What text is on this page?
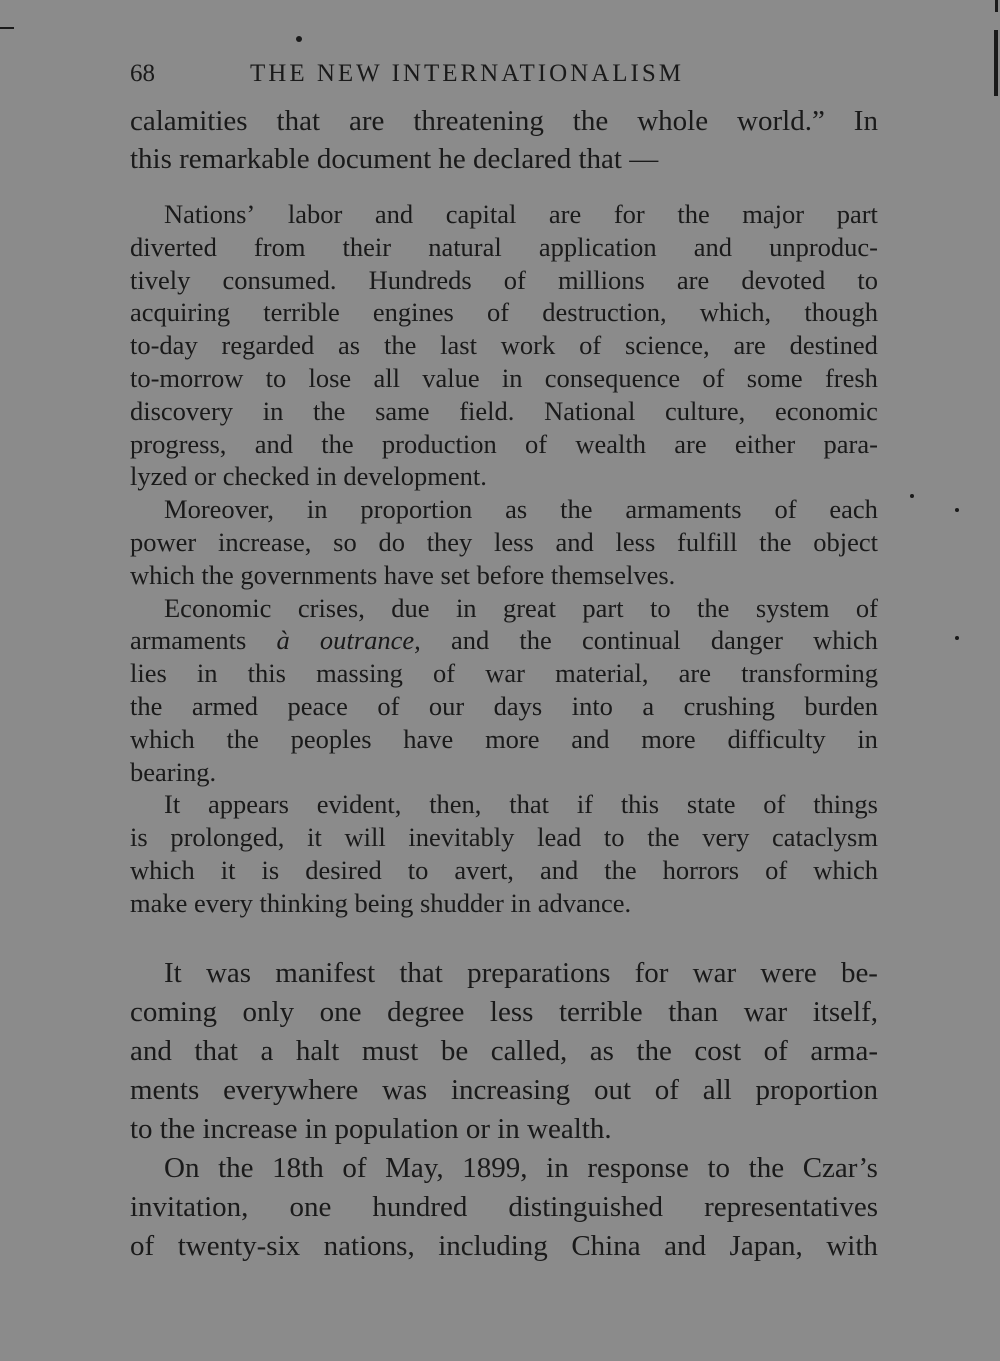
68	THE NEW INTERNATIONALISM
calamities that are threatening the whole world.” In
this remarkable document he declared that —
Nations’ labor and capital are for the major part
diverted from their natural application and unproduc-
tively consumed. Hundreds of millions are devoted to
acquiring terrible engines of destruction, which, though
to-day regarded as the last work of science, are destined
to-morrow to lose all value in consequence of some fresh
discovery in the same field. National culture, economic
progress, and the production of wealth are either para-
lyzed or checked in development.
Moreover, in proportion as the armaments of each
power increase, so do they less and less fulfill the object
which the governments have set before themselves.
Economic crises, due in great part to the system of
armaments à outrance, and the continual danger which
lies in this massing of war material, are transforming
the armed peace of our days into a crushing burden
which the peoples have more and more difficulty in
bearing.
It appears evident, then, that if this state of things
is prolonged, it will inevitably lead to the very cataclysm
which it is desired to avert, and the horrors of which
make every thinking being shudder in advance.
It was manifest that preparations for war were be-
coming only one degree less terrible than war itself,
and that a halt must be called, as the cost of arma-
ments everywhere was increasing out of all proportion
to the increase in population or in wealth.
On the 18th of May, 1899, in response to the Czar’s
invitation, one hundred distinguished representatives
of twenty-six nations, including China and Japan, with
